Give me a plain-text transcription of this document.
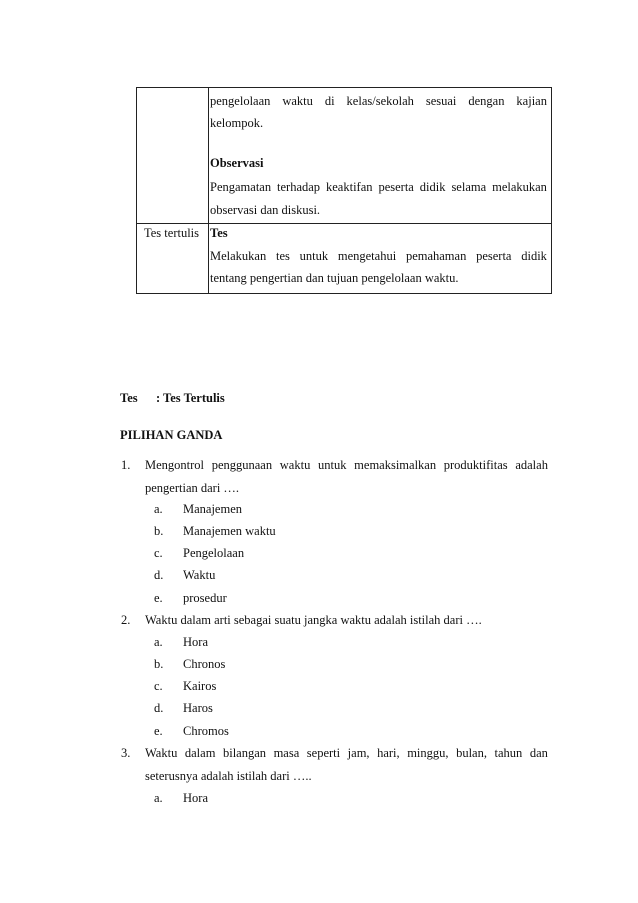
pengelolaan waktu di kelas/sekolah sesuai dengan kajian
kelompok.
Observasi
Pengamatan terhadap keaktifan peserta didik selama melakukan
observasi dan diskusi.
Tes tertulis Tes
Melakukan tes untuk mengetahui pemahaman peserta didik
tentang pengertian dan tujuan pengelolaan waktu.
Tes : Tes Tertulis
PILIHAN GANDA
1. Mengontrol penggunaan waktu untuk memaksimalkan produktifitas adalah
pengertian dari ….
a. Manajemen
b. Manajemen waktu
c. Pengelolaan
d. Waktu
e. prosedur
2. Waktu dalam arti sebagai suatu jangka waktu adalah istilah dari ….
a. Hora
b. Chronos
c. Kairos
d. Haros
e. Chromos
3. Waktu dalam bilangan masa seperti jam, hari, minggu, bulan, tahun dan
seterusnya adalah istilah dari …..
a. Hora
